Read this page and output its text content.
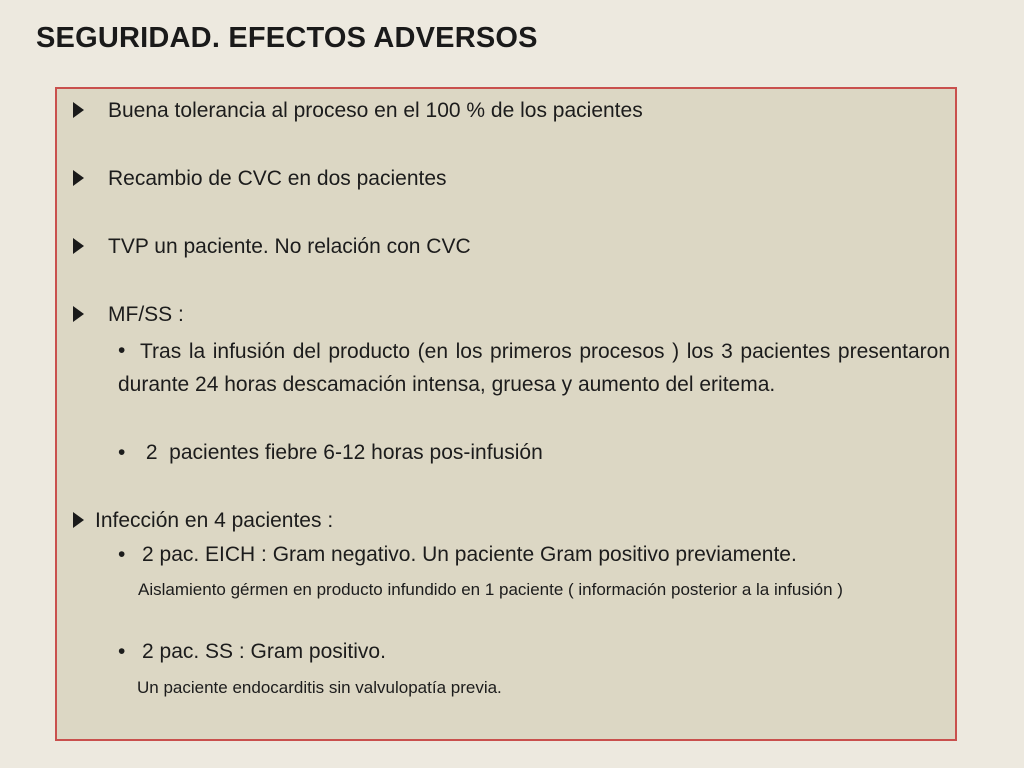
SEGURIDAD. EFECTOS ADVERSOS
Buena tolerancia al proceso en el 100 % de los pacientes
Recambio de CVC en dos pacientes
TVP un paciente. No relación con CVC
MF/SS :
• Tras la infusión del producto (en los primeros procesos ) los 3 pacientes presentaron durante 24 horas descamación intensa, gruesa y aumento del eritema.
• 2  pacientes fiebre 6-12 horas pos-infusión
Infección en 4 pacientes :
• 2 pac. EICH : Gram negativo. Un paciente Gram positivo previamente.
Aislamiento gérmen en producto infundido en 1 paciente ( información posterior a la infusión )
• 2 pac. SS : Gram positivo.
Un paciente endocarditis sin valvulopatía previa.
